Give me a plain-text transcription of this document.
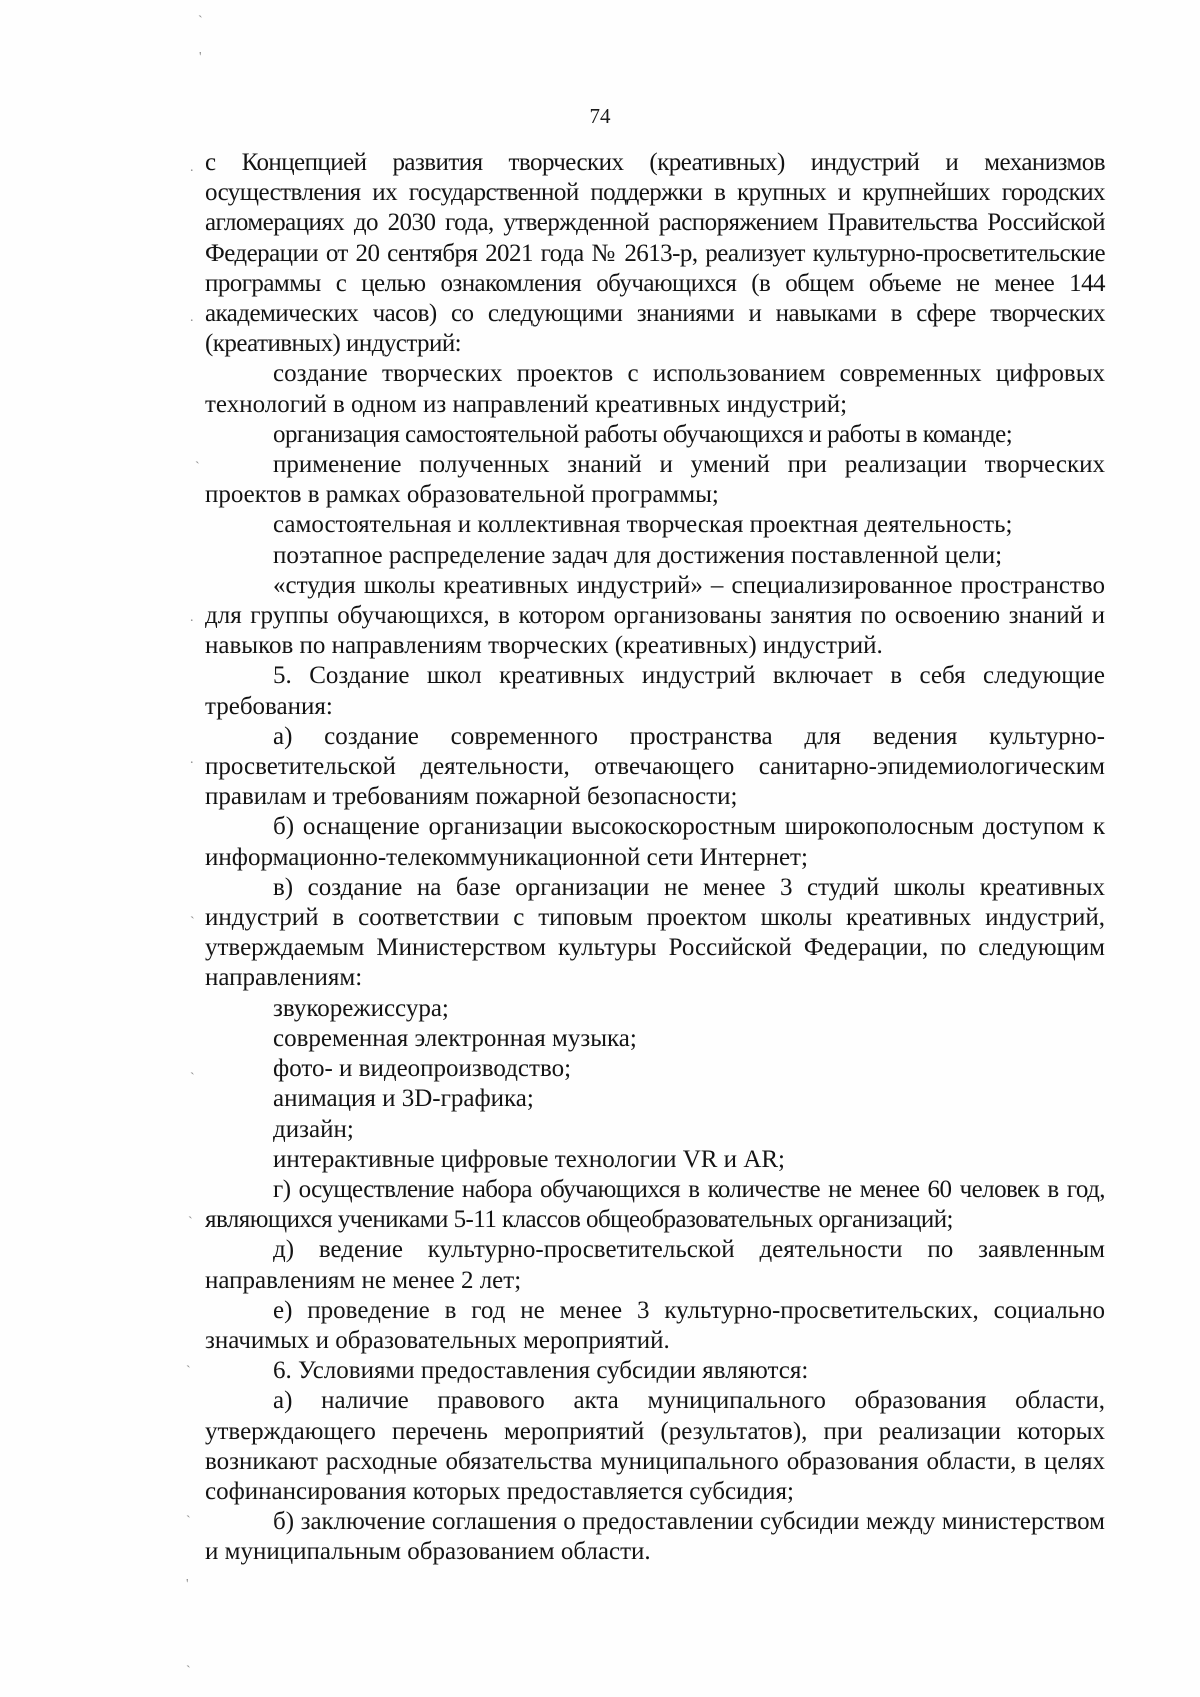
`
'
.
.
`
.
.
`
`
`
`
`
'
`
74

с Концепцией развития творческих (креативных) индустрий и механизмов осуществления их государственной поддержки в крупных и крупнейших городских агломерациях до 2030 года, утвержденной распоряжением Правительства Российской Федерации от 20 сентября 2021 года № 2613-р, реализует культурно-просветительские программы с целью ознакомления обучающихся (в общем объеме не менее 144 академических часов) со следующими знаниями и навыками в сфере творческих (креативных) индустрий:

создание творческих проектов с использованием современных цифровых технологий в одном из направлений креативных индустрий;

организация самостоятельной работы обучающихся и работы в команде;

применение полученных знаний и умений при реализации творческих проектов в рамках образовательной программы;

самостоятельная и коллективная творческая проектная деятельность;

поэтапное распределение задач для достижения поставленной цели;

«студия школы креативных индустрий» – специализированное пространство для группы обучающихся, в котором организованы занятия по освоению знаний и навыков по направлениям творческих (креативных) индустрий.

5. Создание школ креативных индустрий включает в себя следующие требования:

а) создание современного пространства для ведения культурно-просветительской деятельности, отвечающего санитарно-эпидемиологическим правилам и требованиям пожарной безопасности;

б) оснащение организации высокоскоростным широкополосным доступом к информационно-телекоммуникационной сети Интернет;

в) создание на базе организации не менее 3 студий школы креативных индустрий в соответствии с типовым проектом школы креативных индустрий, утверждаемым Министерством культуры Российской Федерации, по следующим направлениям:

звукорежиссура;

современная электронная музыка;

фото- и видеопроизводство;

анимация и 3D-графика;

дизайн;

интерактивные цифровые технологии VR и AR;

г) осуществление набора обучающихся в количестве не менее 60 человек в год, являющихся учениками 5-11 классов общеобразовательных организаций;

д) ведение культурно-просветительской деятельности по заявленным направлениям не менее 2 лет;

е) проведение в год не менее 3 культурно-просветительских, социально значимых и образовательных мероприятий.

6. Условиями предоставления субсидии являются:

а) наличие правового акта муниципального образования области, утверждающего перечень мероприятий (результатов), при реализации которых возникают расходные обязательства муниципального образования области, в целях софинансирования которых предоставляется субсидия;

б) заключение соглашения о предоставлении субсидии между министерством и муниципальным образованием области.
